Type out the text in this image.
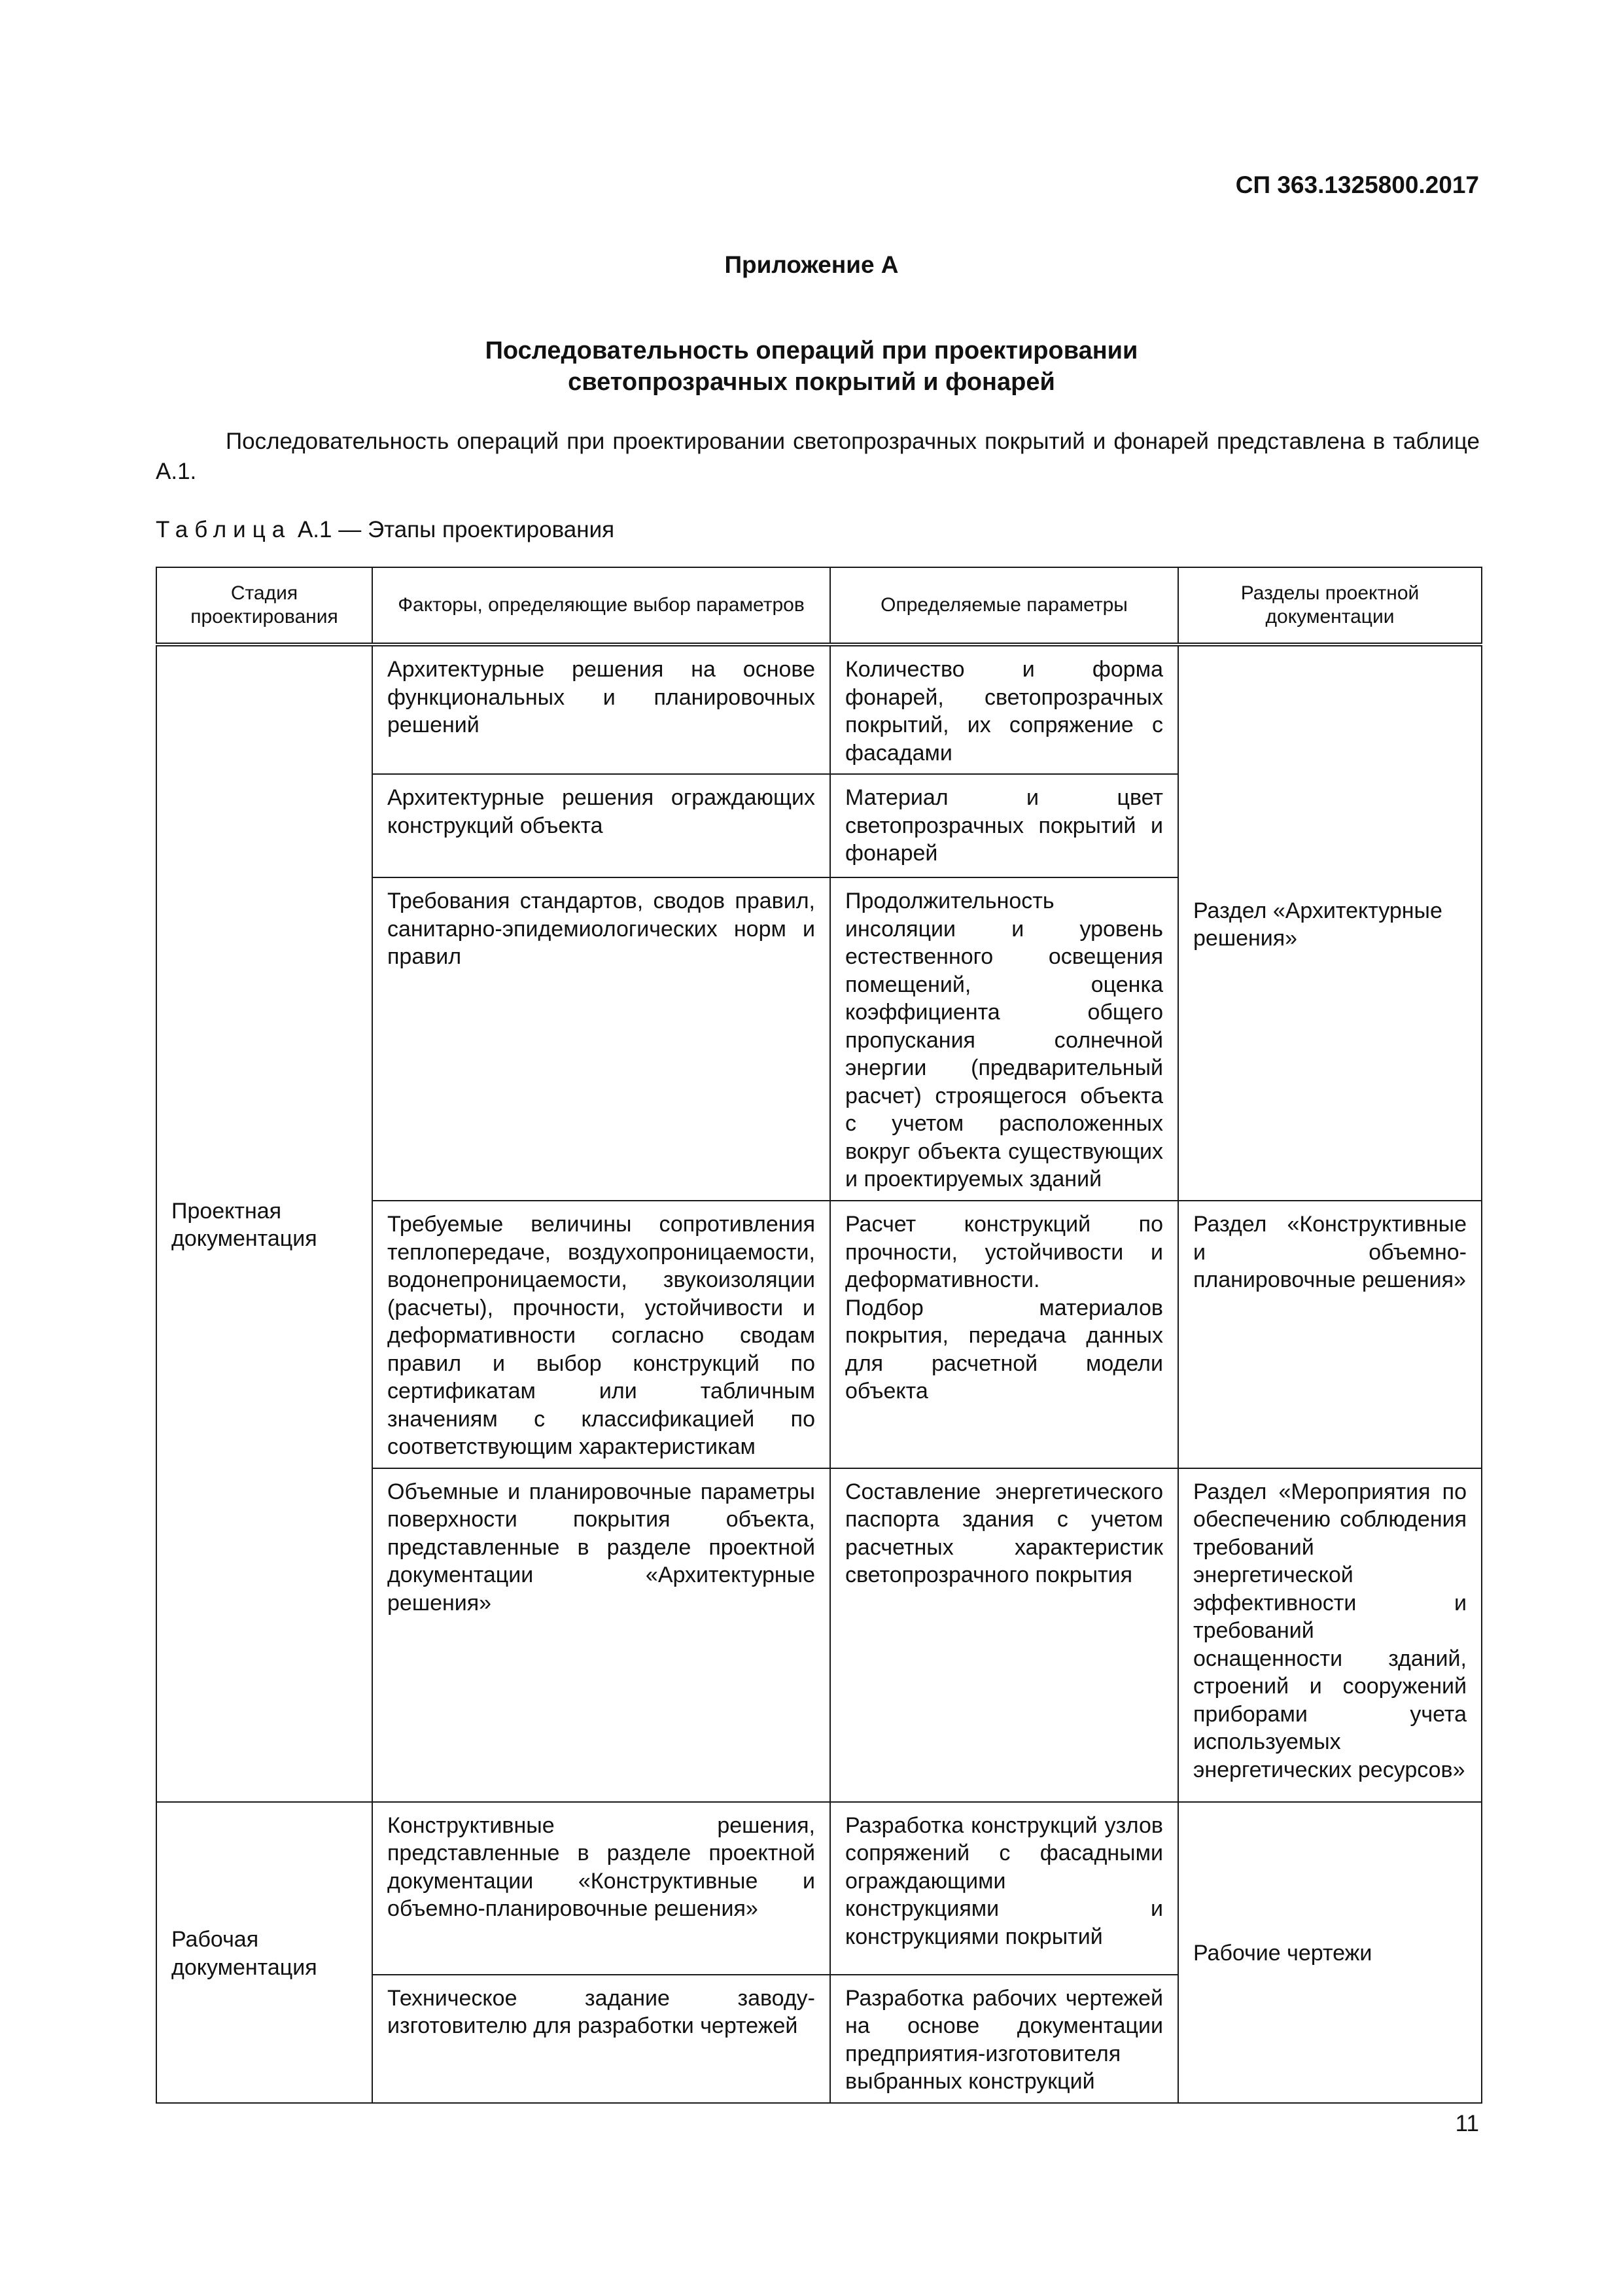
СП 363.1325800.2017
Приложение А
Последовательность операций при проектировании
светопрозрачных покрытий и фонарей

Последовательность операций при проектировании светопрозрачных покрытий и фонарей представлена в таблице А.1.

Таблица А.1 — Этапы проектирования
Стадия проектирования	Факторы, определяющие выбор параметров	Определяемые параметры	Разделы проектной документации
Проектная документация	Архитектурные решения на основе функциональных и планировочных решений	Количество и форма фонарей, светопрозрачных покрытий, их сопряжение с фасадами	Раздел «Архитектурные решения»
	Архитектурные решения ограждающих конструкций объекта	Материал и цвет светопрозрачных покрытий и фонарей	
	Требования стандартов, сводов правил, санитарно-эпидемиологических норм и правил	Продолжительность инсоляции и уровень естественного освещения помещений, оценка коэффициента общего пропускания солнечной энергии (предварительный расчет) строящегося объекта с учетом расположенных вокруг объекта существующих и проектируемых зданий	
	Требуемые величины сопротивления теплопередаче, воздухопроницаемости, водонепроницаемости, звукоизоляции (расчеты), прочности, устойчивости и деформативности согласно сводам правил и выбор конструкций по сертификатам или табличным значениям с классификацией по соответствующим характеристикам	Расчет конструкций по прочности, устойчивости и деформативности.
Подбор материалов покрытия, передача данных для расчетной модели объекта	Раздел «Конструктивные и объемно-планировочные решения»
	Объемные и планировочные параметры поверхности покрытия объекта, представленные в разделе проектной документации «Архитектурные решения»	Составление энергетического паспорта здания с учетом расчетных характеристик светопрозрачного покрытия	Раздел «Мероприятия по обеспечению соблюдения требований энергетической эффективности и требований оснащенности зданий, строений и сооружений приборами учета используемых энергетических ресурсов»
Рабочая документация	Конструктивные решения, представленные в разделе проектной документации «Конструктивные и объемно-планировочные решения»	Разработка конструкций узлов сопряжений с фасадными ограждающими конструкциями и конструкциями покрытий	Рабочие чертежи
	Техническое задание заводу-изготовителю для разработки чертежей	Разработка рабочих чертежей на основе документации предприятия-изготовителя выбранных конструкций	
11
